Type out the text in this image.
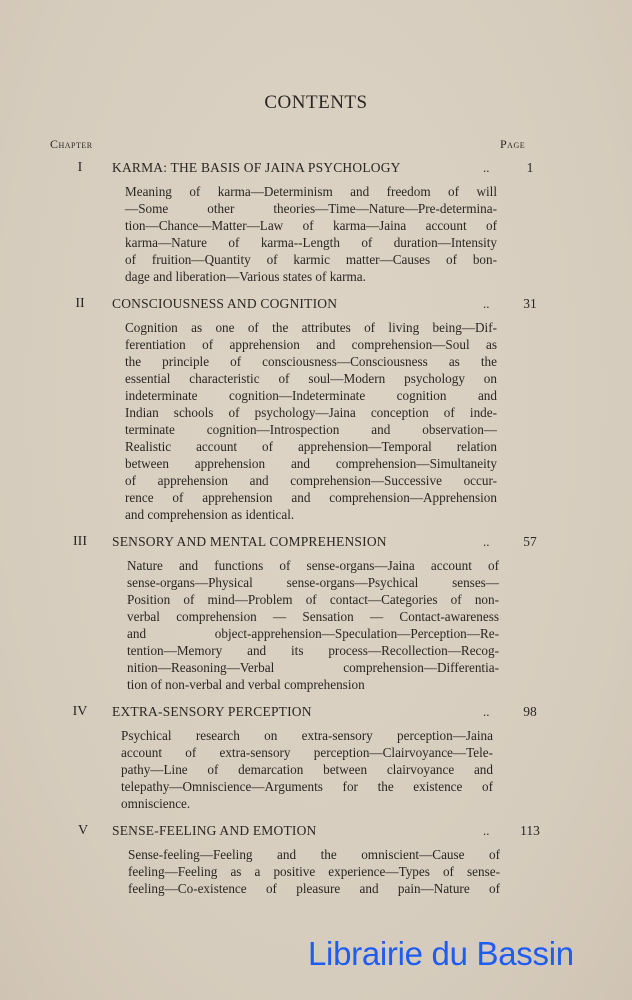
CONTENTS
Chapter	Page
I	KARMA: THE BASIS OF JAINA PSYCHOLOGY	..	1
Meaning of karma—Determinism and freedom of will
—Some other theories—Time—Nature—Pre-determina-
tion—Chance—Matter—Law of karma—Jaina account of
karma—Nature of karma--Length of duration—Intensity
of fruition—Quantity of karmic matter—Causes of bon-
dage and liberation—Various states of karma.
II	CONSCIOUSNESS AND COGNITION	..	31
Cognition as one of the attributes of living being—Dif-
ferentiation of apprehension and comprehension—Soul as
the principle of consciousness—Consciousness as the
essential characteristic of soul—Modern psychology on
indeterminate cognition—Indeterminate cognition and
Indian schools of psychology—Jaina conception of inde-
terminate cognition—Introspection and observation—
Realistic account of apprehension—Temporal relation
between apprehension and comprehension—Simultaneity
of apprehension and comprehension—Successive occur-
rence of apprehension and comprehension—Apprehension
and comprehension as identical.
III	SENSORY AND MENTAL COMPREHENSION	..	57
Nature and functions of sense-organs—Jaina account of
sense-organs—Physical sense-organs—Psychical senses—
Position of mind—Problem of contact—Categories of non-
verbal comprehension — Sensation — Contact-awareness
and object-apprehension—Speculation—Perception—Re-
tention—Memory and its process—Recollection—Recog-
nition—Reasoning—Verbal comprehension—Differentia-
tion of non-verbal and verbal comprehension
IV	EXTRA-SENSORY PERCEPTION	..	98
Psychical research on extra-sensory perception—Jaina
account of extra-sensory perception—Clairvoyance—Tele-
pathy—Line of demarcation between clairvoyance and
telepathy—Omniscience—Arguments for the existence of
omniscience.
V	SENSE-FEELING AND EMOTION	..	113
Sense-feeling—Feeling and the omniscient—Cause of
feeling—Feeling as a positive experience—Types of sense-
feeling—Co-existence of pleasure and pain—Nature of
Librairie du Bassin
